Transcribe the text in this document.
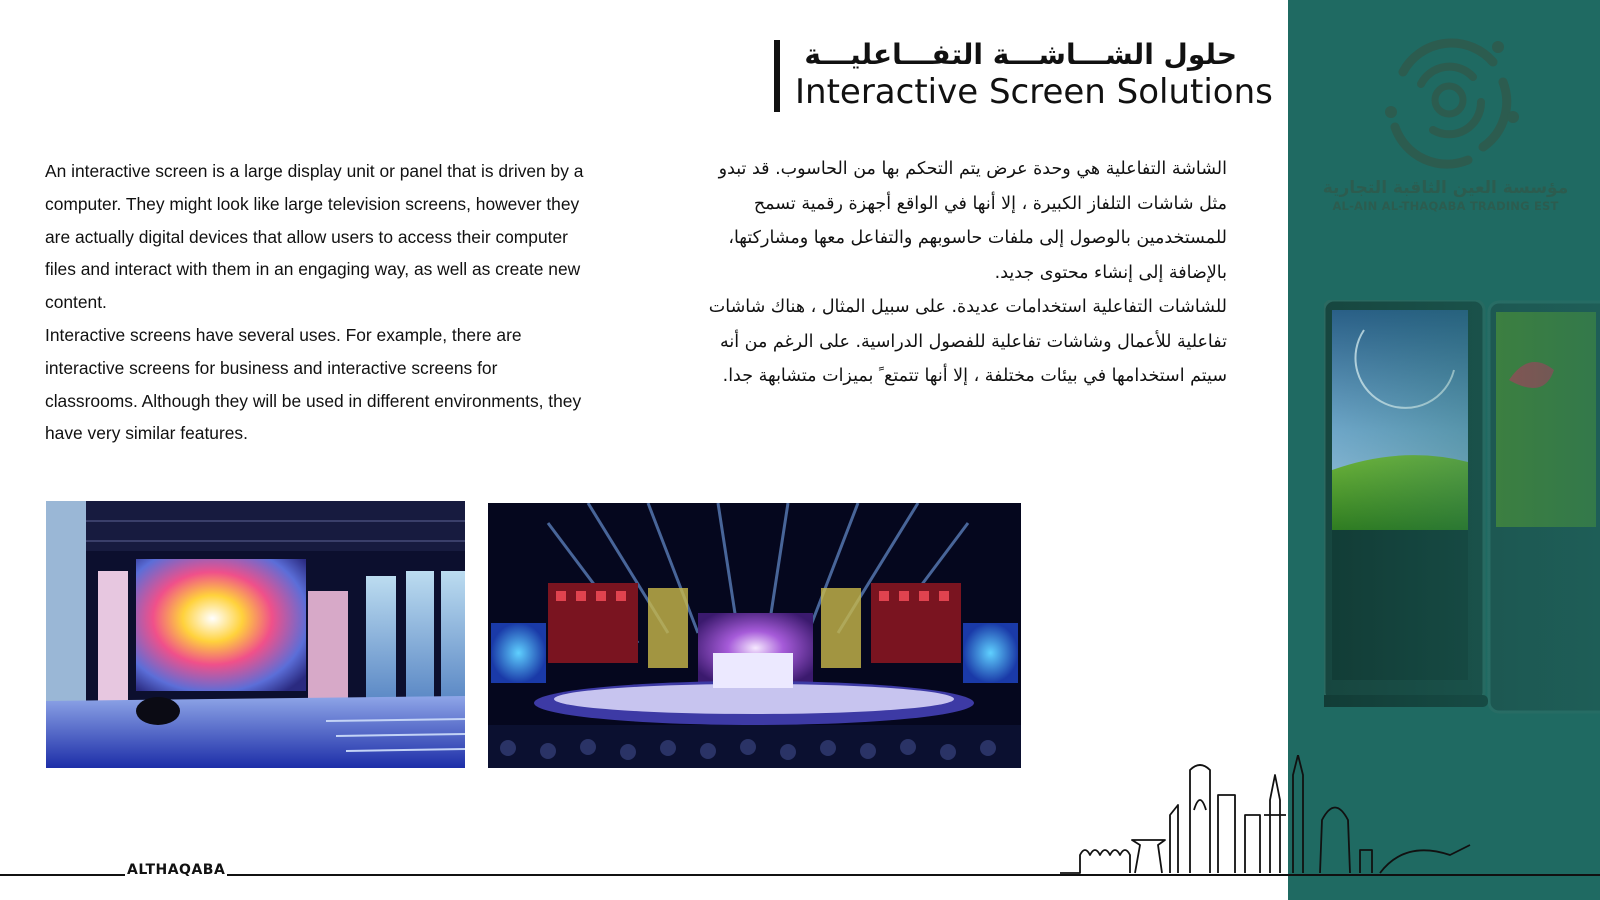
مؤسسة العين الثاقبة التجارية
AL-AIN AL-THAQABA TRADING EST
حلول الشـــاشـــة التفـــاعليـــة
Interactive Screen Solutions

An interactive screen is a large display unit or panel that is driven by a computer. They might look like large television screens, however they are actually digital devices that allow users to access their computer files and interact with them in an engaging way, as well as create new content.

Interactive screens have several uses. For example, there are interactive screens for business and interactive screens for classrooms. Although they will be used in different environments, they have very similar features.

الشاشة التفاعلية هي وحدة عرض يتم التحكم بها من الحاسوب. قد تبدو مثل شاشات التلفاز الكبيرة ، إلا أنها في الواقع أجهزة رقمية تسمح للمستخدمين بالوصول إلى ملفات حاسوبهم والتفاعل معها ومشاركتها، بالإضافة إلى إنشاء محتوى جديد.

للشاشات التفاعلية استخدامات عديدة. على سبيل المثال ، هناك شاشات تفاعلية للأعمال وشاشات تفاعلية للفصول الدراسية. على الرغم من أنه سيتم استخدامها في بيئات مختلفة ، إلا أنها تتمتع ً بميزات متشابهة جدا.

ALTHAQABA
